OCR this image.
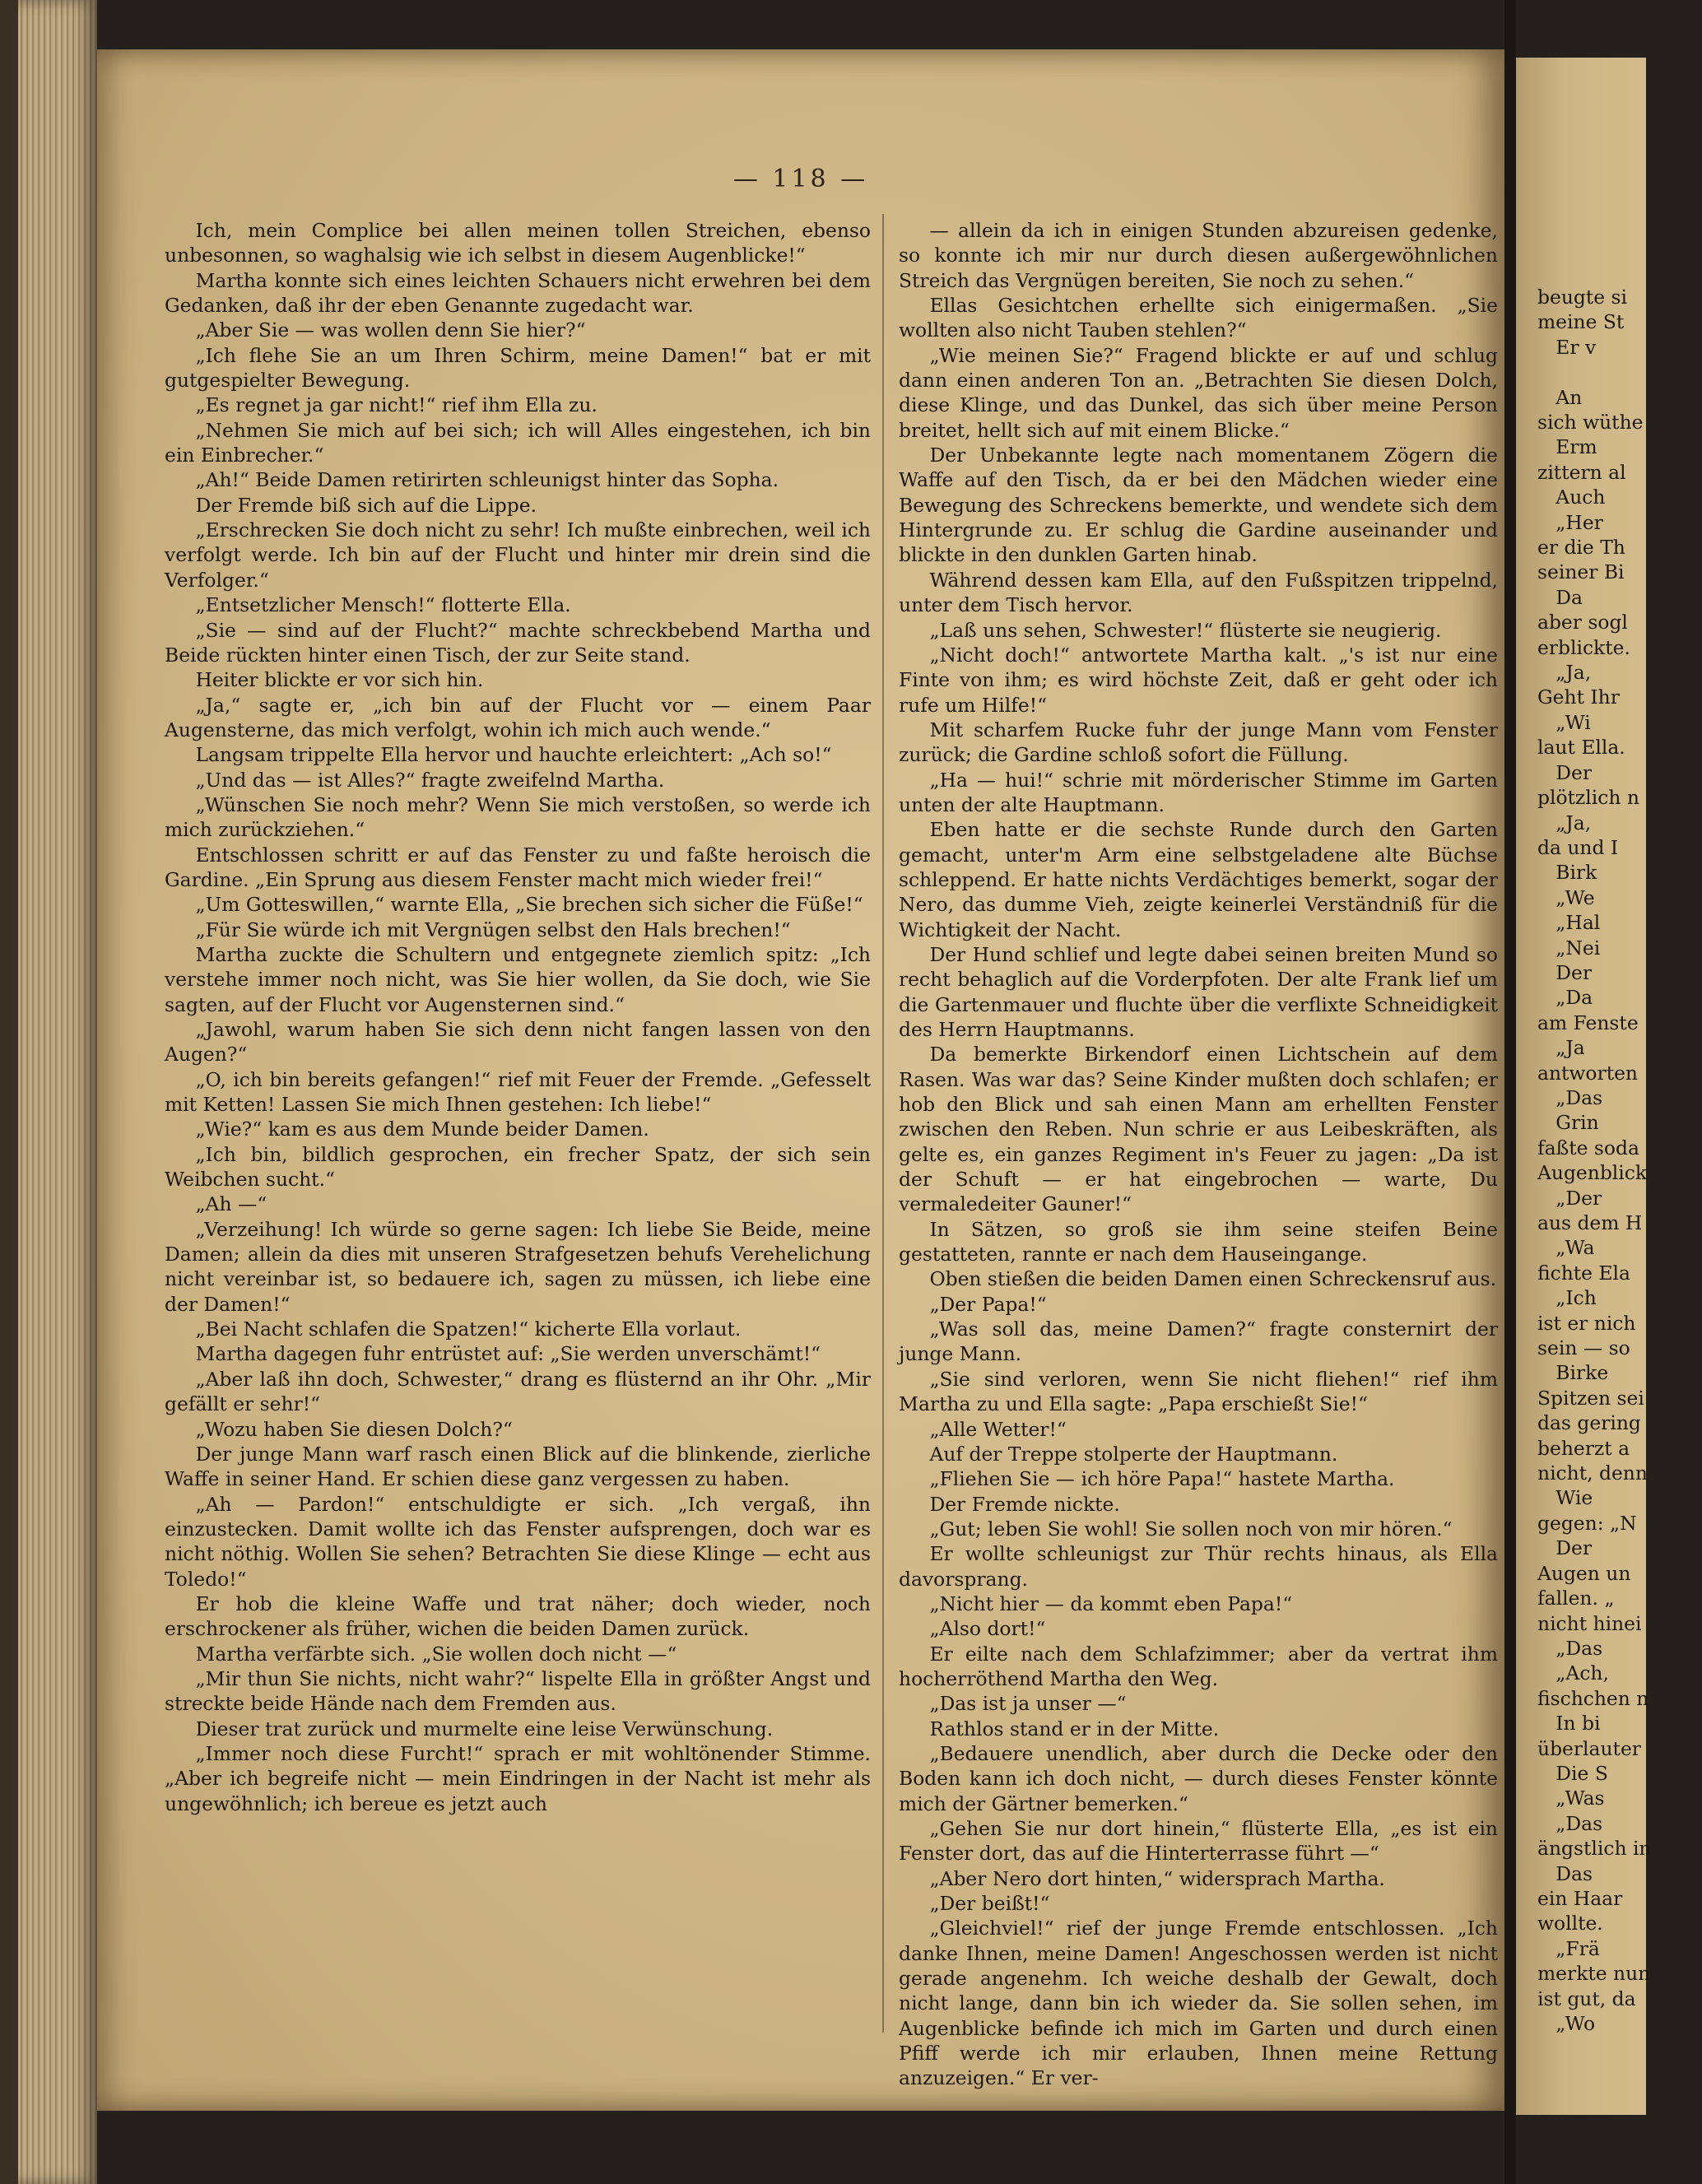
— 118 —

Ich, mein Complice bei allen meinen tollen Streichen, ebenso unbesonnen, so waghalsig wie ich selbst in diesem Augenblicke!“

Martha konnte sich eines leichten Schauers nicht erwehren bei dem Gedanken, daß ihr der eben Genannte zugedacht war.

„Aber Sie — was wollen denn Sie hier?“

„Ich flehe Sie an um Ihren Schirm, meine Damen!“ bat er mit gutgespielter Bewegung.

„Es regnet ja gar nicht!“ rief ihm Ella zu.

„Nehmen Sie mich auf bei sich; ich will Alles eingestehen, ich bin ein Einbrecher.“

„Ah!“ Beide Damen retirirten schleunigst hinter das Sopha.

Der Fremde biß sich auf die Lippe.

„Erschrecken Sie doch nicht zu sehr! Ich mußte einbrechen, weil ich verfolgt werde. Ich bin auf der Flucht und hinter mir drein sind die Verfolger.“

„Entsetzlicher Mensch!“ flotterte Ella.

„Sie — sind auf der Flucht?“ machte schreckbebend Martha und Beide rückten hinter einen Tisch, der zur Seite stand.

Heiter blickte er vor sich hin.

„Ja,“ sagte er, „ich bin auf der Flucht vor — einem Paar Augensterne, das mich verfolgt, wohin ich mich auch wende.“

Langsam trippelte Ella hervor und hauchte erleichtert: „Ach so!“

„Und das — ist Alles?“ fragte zweifelnd Martha.

„Wünschen Sie noch mehr? Wenn Sie mich verstoßen, so werde ich mich zurückziehen.“

Entschlossen schritt er auf das Fenster zu und faßte heroisch die Gardine. „Ein Sprung aus diesem Fenster macht mich wieder frei!“

„Um Gotteswillen,“ warnte Ella, „Sie brechen sich sicher die Füße!“

„Für Sie würde ich mit Vergnügen selbst den Hals brechen!“

Martha zuckte die Schultern und entgegnete ziemlich spitz: „Ich verstehe immer noch nicht, was Sie hier wollen, da Sie doch, wie Sie sagten, auf der Flucht vor Augensternen sind.“

„Jawohl, warum haben Sie sich denn nicht fangen lassen von den Augen?“

„O, ich bin bereits gefangen!“ rief mit Feuer der Fremde. „Gefesselt mit Ketten! Lassen Sie mich Ihnen gestehen: Ich liebe!“

„Wie?“ kam es aus dem Munde beider Damen.

„Ich bin, bildlich gesprochen, ein frecher Spatz, der sich sein Weibchen sucht.“

„Ah —“

„Verzeihung! Ich würde so gerne sagen: Ich liebe Sie Beide, meine Damen; allein da dies mit unseren Strafgesetzen behufs Verehelichung nicht vereinbar ist, so bedauere ich, sagen zu müssen, ich liebe eine der Damen!“

„Bei Nacht schlafen die Spatzen!“ kicherte Ella vorlaut.

Martha dagegen fuhr entrüstet auf: „Sie werden unverschämt!“

„Aber laß ihn doch, Schwester,“ drang es flüsternd an ihr Ohr. „Mir gefällt er sehr!“

„Wozu haben Sie diesen Dolch?“

Der junge Mann warf rasch einen Blick auf die blinkende, zierliche Waffe in seiner Hand. Er schien diese ganz vergessen zu haben.

„Ah — Pardon!“ entschuldigte er sich. „Ich vergaß, ihn einzustecken. Damit wollte ich das Fenster aufsprengen, doch war es nicht nöthig. Wollen Sie sehen? Betrachten Sie diese Klinge — echt aus Toledo!“

Er hob die kleine Waffe und trat näher; doch wieder, noch erschrockener als früher, wichen die beiden Damen zurück.

Martha verfärbte sich. „Sie wollen doch nicht —“

„Mir thun Sie nichts, nicht wahr?“ lispelte Ella in größter Angst und streckte beide Hände nach dem Fremden aus.

Dieser trat zurück und murmelte eine leise Verwünschung.

„Immer noch diese Furcht!“ sprach er mit wohltönender Stimme. „Aber ich begreife nicht — mein Eindringen in der Nacht ist mehr als ungewöhnlich; ich bereue es jetzt auch

— allein da ich in einigen Stunden abzureisen gedenke, so konnte ich mir nur durch diesen außergewöhnlichen Streich das Vergnügen bereiten, Sie noch zu sehen.“

Ellas Gesichtchen erhellte sich einigermaßen. „Sie wollten also nicht Tauben stehlen?“

„Wie meinen Sie?“ Fragend blickte er auf und schlug dann einen anderen Ton an. „Betrachten Sie diesen Dolch, diese Klinge, und das Dunkel, das sich über meine Person breitet, hellt sich auf mit einem Blicke.“

Der Unbekannte legte nach momentanem Zögern die Waffe auf den Tisch, da er bei den Mädchen wieder eine Bewegung des Schreckens bemerkte, und wendete sich dem Hintergrunde zu. Er schlug die Gardine auseinander und blickte in den dunklen Garten hinab.

Während dessen kam Ella, auf den Fußspitzen trippelnd, unter dem Tisch hervor.

„Laß uns sehen, Schwester!“ flüsterte sie neugierig.

„Nicht doch!“ antwortete Martha kalt. „'s ist nur eine Finte von ihm; es wird höchste Zeit, daß er geht oder ich rufe um Hilfe!“

Mit scharfem Rucke fuhr der junge Mann vom Fenster zurück; die Gardine schloß sofort die Füllung.

„Ha — hui!“ schrie mit mörderischer Stimme im Garten unten der alte Hauptmann.

Eben hatte er die sechste Runde durch den Garten gemacht, unter'm Arm eine selbstgeladene alte Büchse schleppend. Er hatte nichts Verdächtiges bemerkt, sogar der Nero, das dumme Vieh, zeigte keinerlei Verständniß für die Wichtigkeit der Nacht.

Der Hund schlief und legte dabei seinen breiten Mund so recht behaglich auf die Vorderpfoten. Der alte Frank lief um die Gartenmauer und fluchte über die verflixte Schneidigkeit des Herrn Hauptmanns.

Da bemerkte Birkendorf einen Lichtschein auf dem Rasen. Was war das? Seine Kinder mußten doch schlafen; er hob den Blick und sah einen Mann am erhellten Fenster zwischen den Reben. Nun schrie er aus Leibeskräften, als gelte es, ein ganzes Regiment in's Feuer zu jagen: „Da ist der Schuft — er hat eingebrochen — warte, Du vermaledeiter Gauner!“

In Sätzen, so groß sie ihm seine steifen Beine gestatteten, rannte er nach dem Hauseingange.

Oben stießen die beiden Damen einen Schreckensruf aus.

„Der Papa!“

„Was soll das, meine Damen?“ fragte consternirt der junge Mann.

„Sie sind verloren, wenn Sie nicht fliehen!“ rief ihm Martha zu und Ella sagte: „Papa erschießt Sie!“

„Alle Wetter!“

Auf der Treppe stolperte der Hauptmann.

„Fliehen Sie — ich höre Papa!“ hastete Martha.

Der Fremde nickte.

„Gut; leben Sie wohl! Sie sollen noch von mir hören.“

Er wollte schleunigst zur Thür rechts hinaus, als Ella davorsprang.

„Nicht hier — da kommt eben Papa!“

„Also dort!“

Er eilte nach dem Schlafzimmer; aber da vertrat ihm hocherröthend Martha den Weg.

„Das ist ja unser —“

Rathlos stand er in der Mitte.

„Bedauere unendlich, aber durch die Decke oder den Boden kann ich doch nicht, — durch dieses Fenster könnte mich der Gärtner bemerken.“

„Gehen Sie nur dort hinein,“ flüsterte Ella, „es ist ein Fenster dort, das auf die Hinterterrasse führt —“

„Aber Nero dort hinten,“ widersprach Martha.

„Der beißt!“

„Gleichviel!“ rief der junge Fremde entschlossen. „Ich danke Ihnen, meine Damen! Angeschossen werden ist nicht gerade angenehm. Ich weiche deshalb der Gewalt, doch nicht lange, dann bin ich wieder da. Sie sollen sehen, im Augenblicke befinde ich mich im Garten und durch einen Pfiff werde ich mir erlauben, Ihnen meine Rettung anzuzeigen.“ Er ver-

beugte si

meine St

Er v

An

sich wüthe

Erm

zittern al

Auch

„Her

er die Th

seiner Bi

Da

aber sogl

erblickte.

„Ja,

Geht Ihr

„Wi

laut Ella.

Der

plötzlich n

„Ja,

da und I

Birk

„We

„Hal

„Nei

Der

„Da

am Fenste

„Ja

antworten

„Das

Grin

faßte soda

Augenblick

„Der

aus dem H

„Wa

fichte Ela

„Ich

ist er nich

sein — so

Birke

Spitzen sei

das gering

beherzt a

nicht, denn

Wie

gegen: „N

Der

Augen un

fallen. „

nicht hinei

„Das

„Ach,

fischchen n

In bi

überlauter

Die S

„Was

„Das

ängstlich in

Das

ein Haar

wollte.

„Frä

merkte nun

ist gut, da

„Wo
